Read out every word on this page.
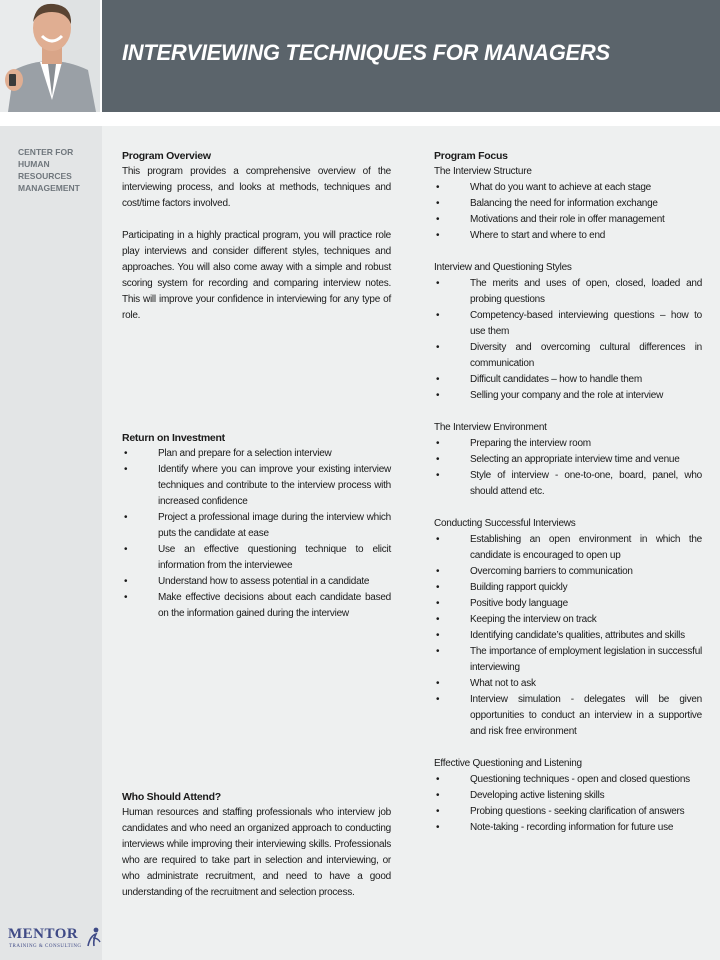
INTERVIEWING TECHNIQUES FOR MANAGERS
CENTER FOR HUMAN RESOURCES MANAGEMENT
Program Overview

This program provides a comprehensive overview of the interviewing process, and looks at methods, techniques and cost/time factors involved.

Participating in a highly practical program, you will practice role play interviews and consider different styles, techniques and approaches. You will also come away with a simple and robust scoring system for recording and comparing interview notes. This will improve your confidence in interviewing for any type of role.

Return on Investment
• Plan and prepare for a selection interview
• Identify where you can improve your existing interview techniques and contribute to the interview process with increased confidence
• Project a professional image during the interview which puts the candidate at ease
• Use an effective questioning technique to elicit information from the interviewee
• Understand how to assess potential in a candidate
• Make effective decisions about each candidate based on the information gained during the interview
Who Should Attend?

Human resources and staffing professionals who interview job candidates and who need an organized approach to conducting interviews while improving their interviewing skills. Professionals who are required to take part in selection and interviewing, or who administrate recruitment, and need to have a good understanding of the recruitment and selection process.

Program Focus
The Interview Structure
• What do you want to achieve at each stage
• Balancing the need for information exchange
• Motivations and their role in offer management
• Where to start and where to end
Interview and Questioning Styles
• The merits and uses of open, closed, loaded and probing questions
• Competency-based interviewing questions – how to use them
• Diversity and overcoming cultural differences in communication
• Difficult candidates – how to handle them
• Selling your company and the role at interview
The Interview Environment
• Preparing the interview room
• Selecting an appropriate interview time and venue
• Style of interview - one-to-one, board, panel, who should attend etc.
Conducting Successful Interviews
• Establishing an open environment in which the candidate is encouraged to open up
• Overcoming barriers to communication
• Building rapport quickly
• Positive body language
• Keeping the interview on track
• Identifying candidate’s qualities, attributes and skills
• The importance of employment legislation in successful interviewing
• What not to ask
• Interview simulation - delegates will be given opportunities to conduct an interview in a supportive and risk free environment
Effective Questioning and Listening
• Questioning techniques - open and closed questions
• Developing active listening skills
• Probing questions - seeking clarification of answers
• Note-taking - recording information for future use
MENTOR
TRAINING & CONSULTING
